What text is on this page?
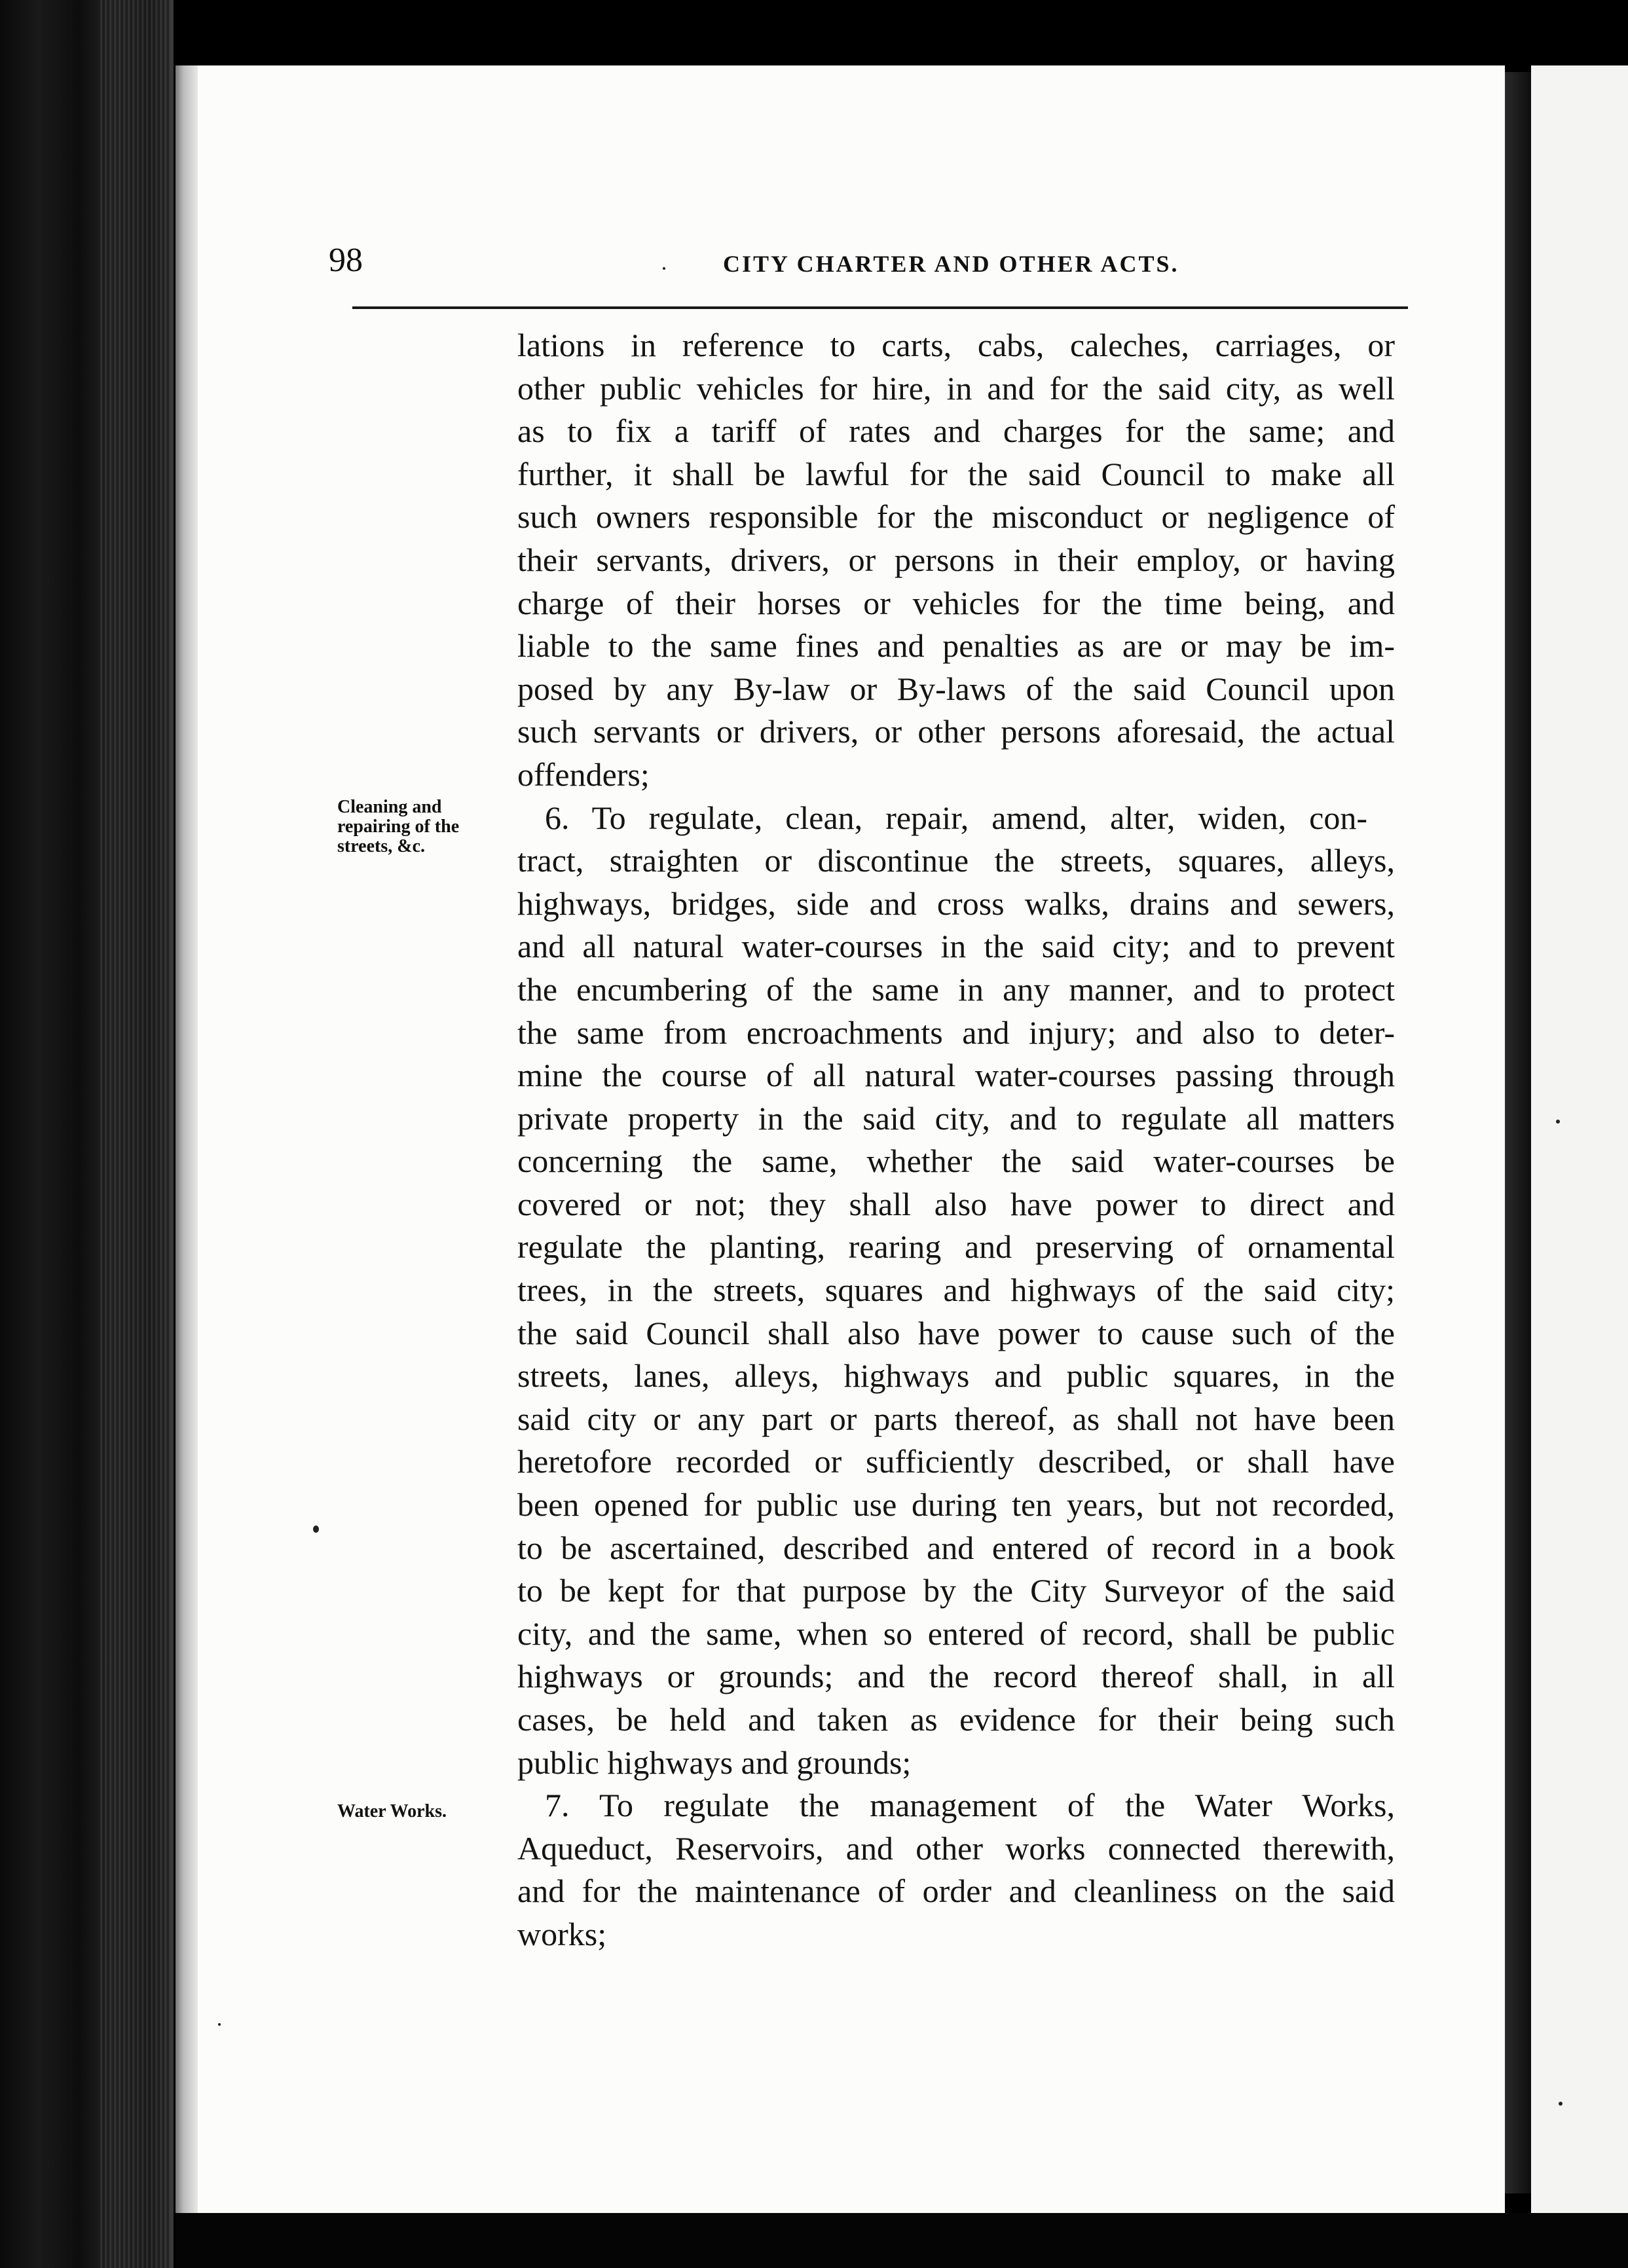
98	CITY CHARTER AND OTHER ACTS.
Cleaning and
repairing of the
streets, &c.
Water Works.
lations in reference to carts, cabs, caleches, carriages, or
other public vehicles for hire, in and for the said city, as well
as to fix a tariff of rates and charges for the same; and
further, it shall be lawful for the said Council to make all
such owners responsible for the misconduct or negligence of
their servants, drivers, or persons in their employ, or having
charge of their horses or vehicles for the time being, and
liable to the same fines and penalties as are or may be im-
posed by any By-law or By-laws of the said Council upon
such servants or drivers, or other persons aforesaid, the actual
offenders;
6. To regulate, clean, repair, amend, alter, widen, con-
tract, straighten or discontinue the streets, squares, alleys,
highways, bridges, side and cross walks, drains and sewers,
and all natural water-courses in the said city; and to prevent
the encumbering of the same in any manner, and to protect
the same from encroachments and injury; and also to deter-
mine the course of all natural water-courses passing through
private property in the said city, and to regulate all matters
concerning the same, whether the said water-courses be
covered or not; they shall also have power to direct and
regulate the planting, rearing and preserving of ornamental
trees, in the streets, squares and highways of the said city;
the said Council shall also have power to cause such of the
streets, lanes, alleys, highways and public squares, in the
said city or any part or parts thereof, as shall not have been
heretofore recorded or sufficiently described, or shall have
been opened for public use during ten years, but not recorded,
to be ascertained, described and entered of record in a book
to be kept for that purpose by the City Surveyor of the said
city, and the same, when so entered of record, shall be public
highways or grounds; and the record thereof shall, in all
cases, be held and taken as evidence for their being such
public highways and grounds;
7. To regulate the management of the Water Works,
Aqueduct, Reservoirs, and other works connected therewith,
and for the maintenance of order and cleanliness on the said
works;
